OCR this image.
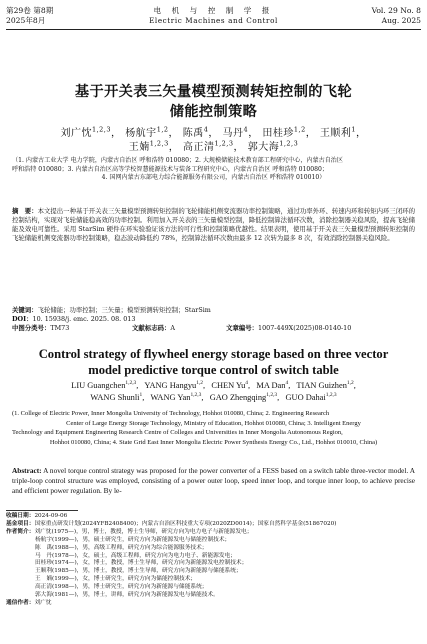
第29卷 第8期
2025年8月
电 机 与 控 制 学 报
Electric Machines and Control
Vol. 29 No. 8
Aug. 2025
基于开关表三矢量模型预测转矩控制的飞轮
储能控制策略
刘广忱$^{1,2,3}$， 杨航宇$^{1,2}$， 陈禹$^4$， 马丹$^4$， 田桂珍$^{1,2}$， 王顺利$^1$，
王婻$^{1,2,3}$， 高正清$^{1,2,3}$， 郭大海$^{1,2,3}$
（1. 内蒙古工业大学 电力学院，内蒙古自治区 呼和浩特 010080；2. 大规模储能技术教育部工程研究中心，内蒙古自治区
呼和浩特 010080；3. 内蒙古自治区高等学校智慧能源技术与装备工程研究中心，内蒙古自治区 呼和浩特 010080；
4. 国网内蒙古东部电力综合能源服务有限公司，内蒙古自治区 呼和浩特 010010）
摘　要：本文提出一种基于开关表三矢量模型预测转矩控制的飞轮储能机侧变流器功率控制策略，通过功率外环、转速内环和转矩内环三闭环的控制结构，实现对飞轮储能稳高效的功率控制。利用加入开关表的三矢量模型控制，降低控制算法循环次数，消除控制器关稳风险，提高飞轮储能及效电可靠性。采用 StarSim 硬件在环实验验证该方法的可行性和控制策略优越性。结果表明，使用基于开关表三矢量模型预测转矩控制的飞轮储能机侧变流器功率控制策略，稳态波动降低约 78%，控制算法循环次数由最多 12 次转为最多 8 次，有效消除控制器关稳风险。
关键词：飞轮储能；功率控制；三矢量；模型预测转矩控制；StarSim
DOI：10. 15938/j. emc. 2025. 08. 013
中图分类号：TM73	文献标志码：A	文章编号：1007-449X(2025)08-0140-10
Control strategy of flywheel energy storage based on three vector
model predictive torque control of switch table
LIU Guangchen$^{1,2,3}$,   YANG Hangyu$^{1,2}$,   CHEN Yu$^4$,   MA Dan$^4$,   TIAN Guizhen$^{1,2}$,
WANG Shunli$^1$,   WANG Yan$^{1,2,3}$,   GAO Zhengqing$^{1,2,3}$,   GUO Dahai$^{1,2,3}$
(1. College of Electric Power, Inner Mongolia University of Technology, Hohhot 010080, China; 2. Engineering Research
Center of Large Energy Storage Technology, Ministry of Education, Hohhot 010080, China; 3. Intelligent Energy
Technology and Equipment Engineering Research Centre of Colleges and Universities in Inner Mongolia Autonomous Region,
Hohhot 010080, China; 4. State Grid East Inner Mongolia Electric Power Synthesis Energy Co., Ltd., Hohhot 010010, China)
Abstract: A novel torque control strategy was proposed for the power converter of a FESS based on a switch table three-vector model. A triple-loop control structure was employed, consisting of a power outer loop, speed inner loop, and torque inner loop, to achieve precise and efficient power regulation. By le-
收稿日期：2024-09-06
基金项目：国家重点研发计划(2024YFB2408400)；内蒙古自治区科技重大专项(2020ZD0014)；国家自然科学基金(51867020)
作者简介：刘广忱(1975—)，男，博士，教授，博士生导师，研究方向为电力电子与新能源发电；
杨航宇(1999—)，男，硕士研究生，研究方向为新能源发电与储能控制技术；
陈　禹(1988—)，男，高级工程师，研究方向为综合能源服务技术；
马　丹(1978—)，女，硕士，高级工程师，研究方向为电力电子、新能源发电；
田桂珍(1974—)，女，博士，教授，博士生导师，研究方向为新能源发电控制技术；
王顺利(1985—)，男，博士，教授，博士生导师，研究方向为新能源与储能系统；
王　婻(1999—)，女，博士研究生，研究方向为储能控制技术；
高正清(1998—)，男，博士研究生，研究方向为新能源与储能系统；
郭大海(1981—)，男，博士，讲师，研究方向为新能源发电与储能技术。
通信作者：刘广忱
